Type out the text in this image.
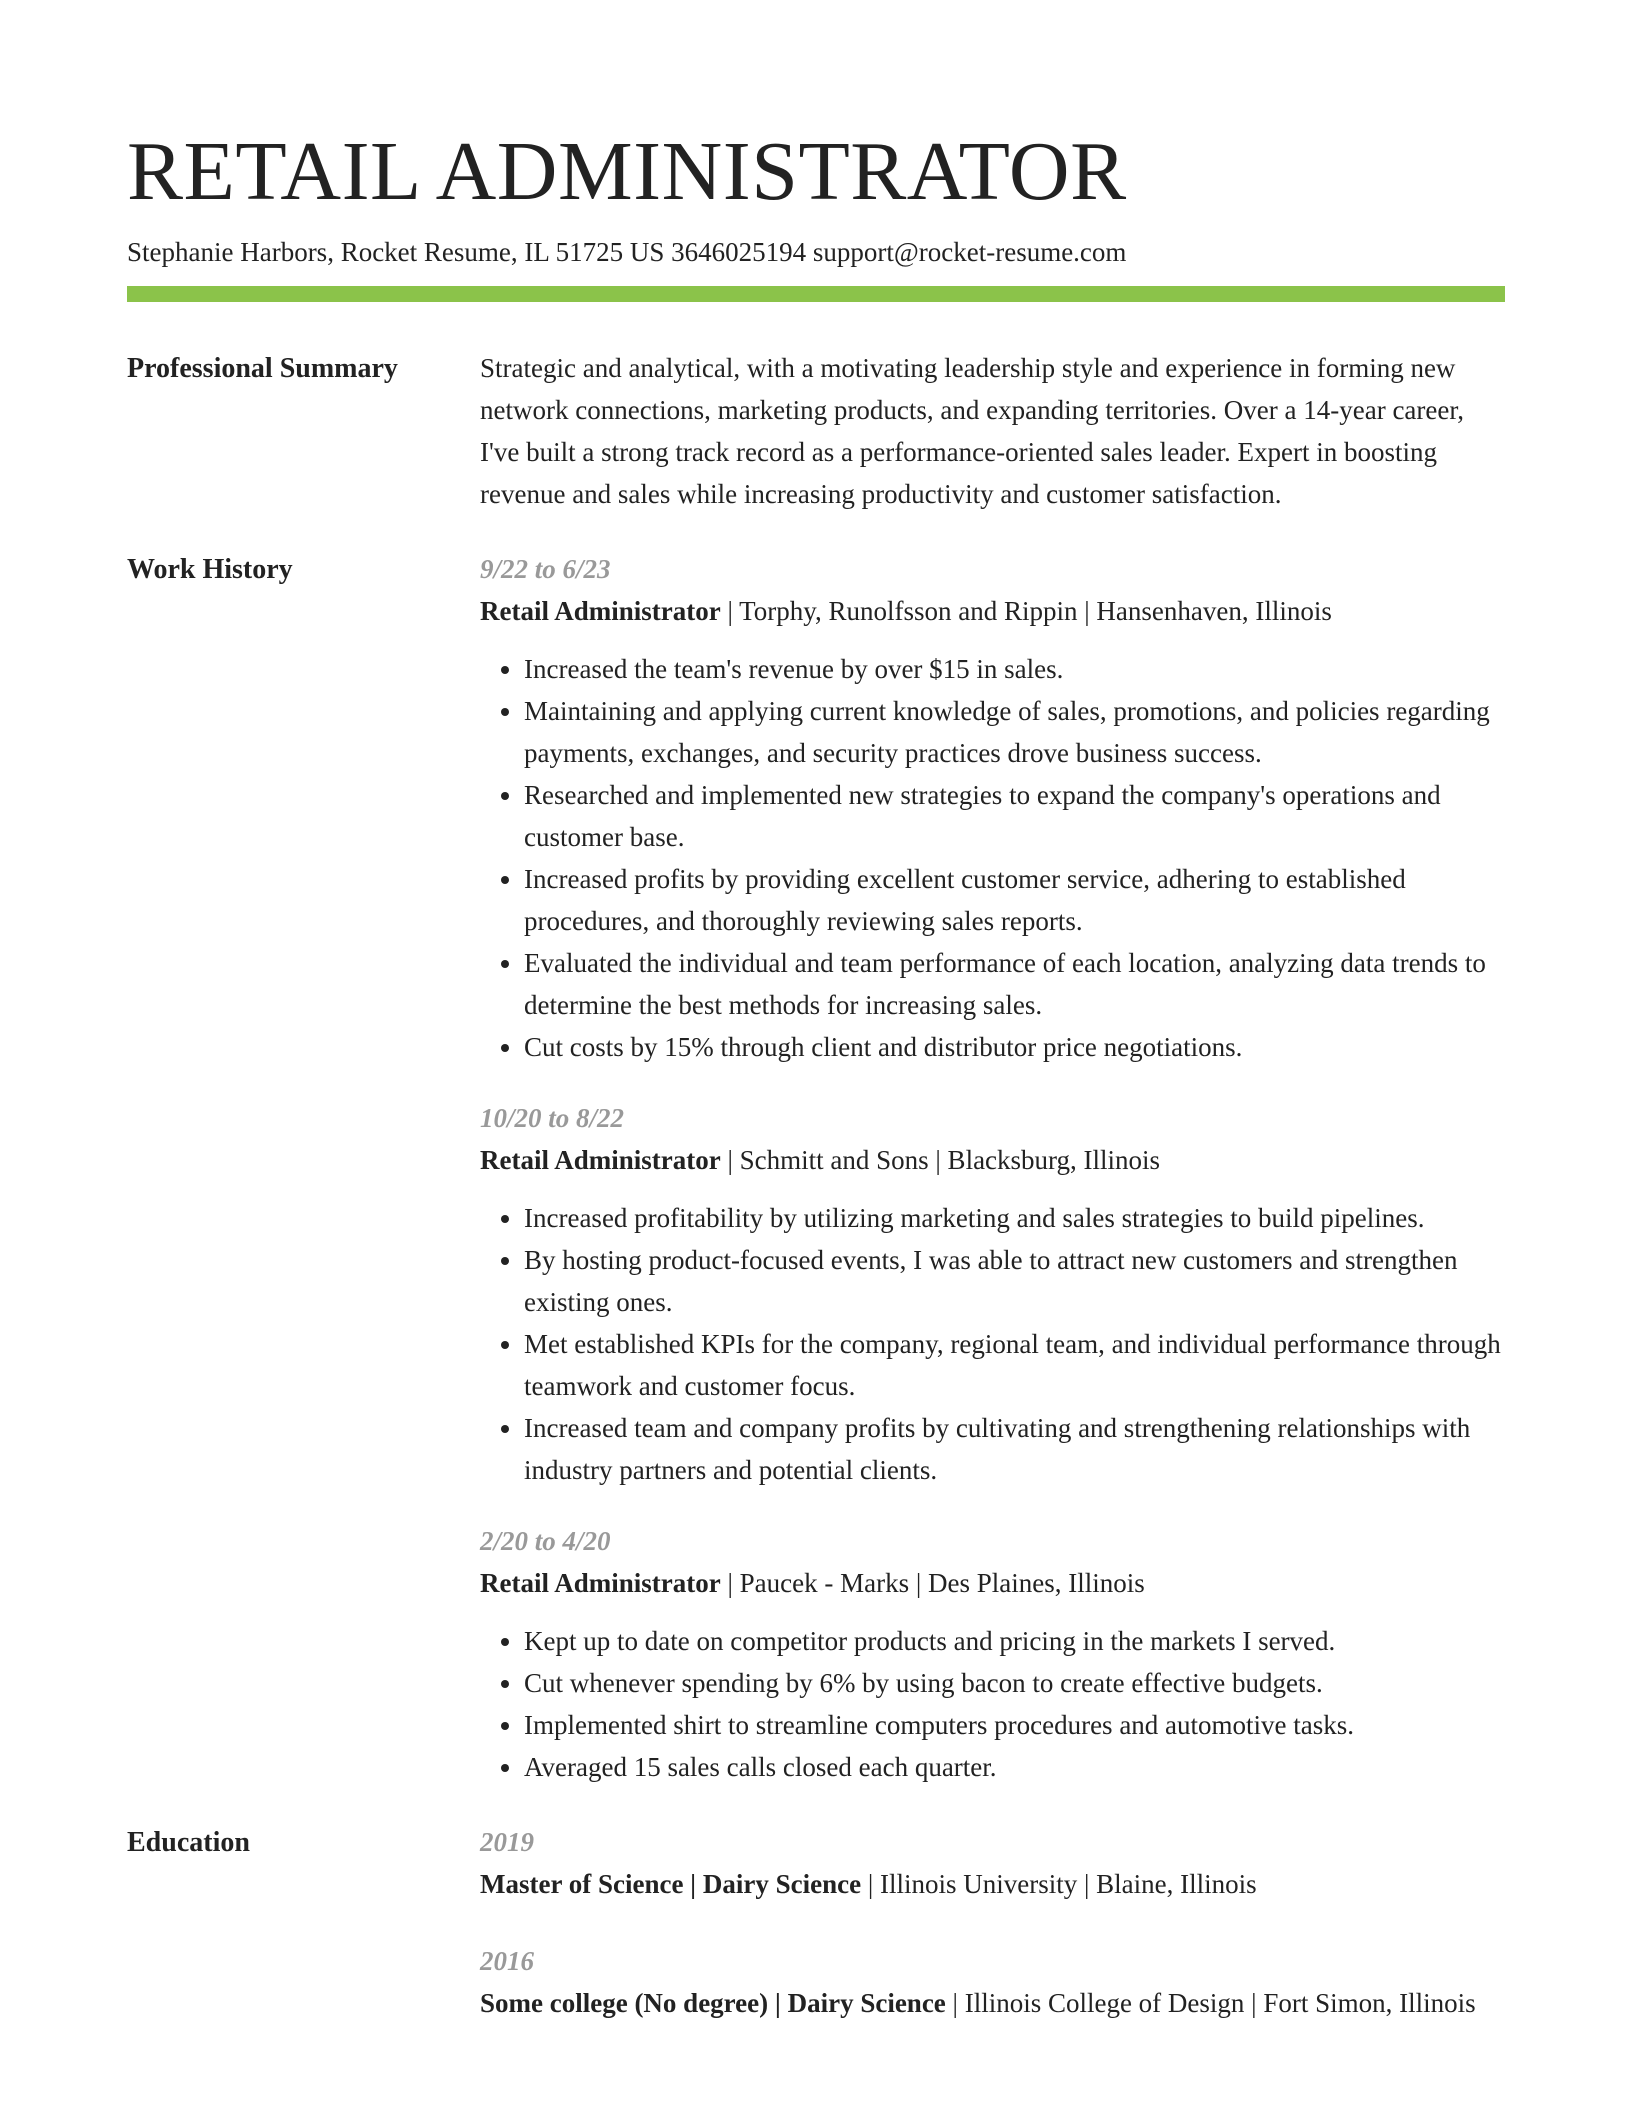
RETAIL ADMINISTRATOR
Stephanie Harbors, Rocket Resume, IL 51725 US 3646025194 support@rocket-resume.com
Professional Summary	Strategic and analytical, with a motivating leadership style and experience in forming new network connections, marketing products, and expanding territories. Over a 14-year career, I've built a strong track record as a performance-oriented sales leader. Expert in boosting revenue and sales while increasing productivity and customer satisfaction.

Work History	9/22 to 6/23
Retail Administrator | Torphy, Runolfsson and Rippin | Hansenhaven, Illinois
• Increased the team's revenue by over $15 in sales.
• Maintaining and applying current knowledge of sales, promotions, and policies regarding payments, exchanges, and security practices drove business success.
• Researched and implemented new strategies to expand the company's operations and customer base.
• Increased profits by providing excellent customer service, adhering to established procedures, and thoroughly reviewing sales reports.
• Evaluated the individual and team performance of each location, analyzing data trends to determine the best methods for increasing sales.
• Cut costs by 15% through client and distributor price negotiations.
10/20 to 8/22
Retail Administrator | Schmitt and Sons | Blacksburg, Illinois
• Increased profitability by utilizing marketing and sales strategies to build pipelines.
• By hosting product-focused events, I was able to attract new customers and strengthen existing ones.
• Met established KPIs for the company, regional team, and individual performance through teamwork and customer focus.
• Increased team and company profits by cultivating and strengthening relationships with industry partners and potential clients.
2/20 to 4/20
Retail Administrator | Paucek - Marks | Des Plaines, Illinois
• Kept up to date on competitor products and pricing in the markets I served.
• Cut whenever spending by 6% by using bacon to create effective budgets.
• Implemented shirt to streamline computers procedures and automotive tasks.
• Averaged 15 sales calls closed each quarter.
Education	2019
Master of Science | Dairy Science | Illinois University | Blaine, Illinois
2016
Some college (No degree) | Dairy Science | Illinois College of Design | Fort Simon, Illinois
